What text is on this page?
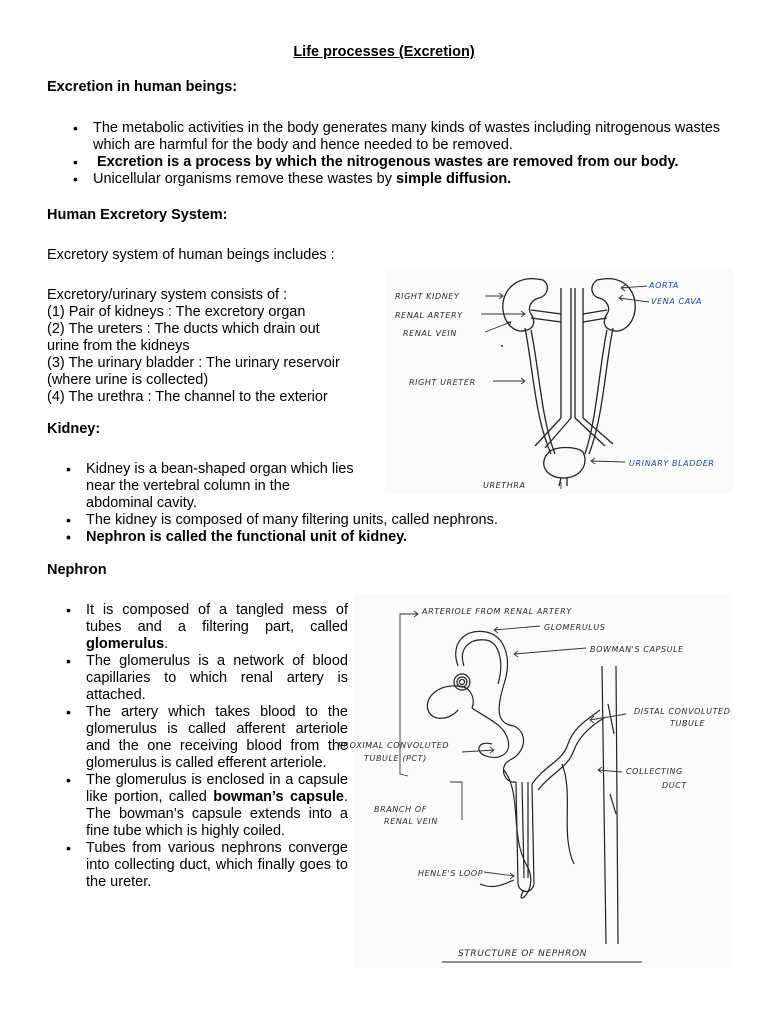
Life processes (Excretion)
Excretion in human beings:
• The metabolic activities in the body generates many kinds of wastes including nitrogenous wastes which are harmful for the body and hence needed to be removed.
• Excretion is a process by which the nitrogenous wastes are removed from our body.
• Unicellular organisms remove these wastes by simple diffusion.
Human Excretory System:
Excretory system of human beings includes :
Excretory/urinary system consists of :
(1) Pair of kidneys : The excretory organ
(2) The ureters : The ducts which drain out
urine from the kidneys
(3) The urinary bladder : The urinary reservoir
(where urine is collected)
(4) The urethra : The channel to the exterior
Kidney:
• Kidney is a bean-shaped organ which lies
near the vertebral column in the
abdominal cavity.
• The kidney is composed of many filtering units, called nephrons.
• Nephron is called the functional unit of kidney.
Nephron
• It is composed of a tangled mess of tubes and a filtering part, called glomerulus.
• The glomerulus is a network of blood capillaries to which renal artery is attached.
• The artery which takes blood to the glomerulus is called afferent arteriole and the one receiving blood from the glomerulus is called efferent arteriole.
• The glomerulus is enclosed in a capsule like portion, called bowman’s capsule. The bowman’s capsule extends into a fine tube which is highly coiled.
• Tubes from various nephrons converge into collecting duct, which finally goes to the ureter.
RIGHT KIDNEY
RENAL ARTERY
RENAL VEIN
RIGHT URETER
URETHRA
AORTA
VENA CAVA
URINARY BLADDER
ARTERIOLE FROM RENAL ARTERY
GLOMERULUS
BOWMAN'S CAPSULE
DISTAL CONVOLUTED
TUBULE
PROXIMAL CONVOLUTED
TUBULE (PCT)
COLLECTING
DUCT
BRANCH OF
RENAL VEIN
HENLE'S LOOP
STRUCTURE OF NEPHRON
